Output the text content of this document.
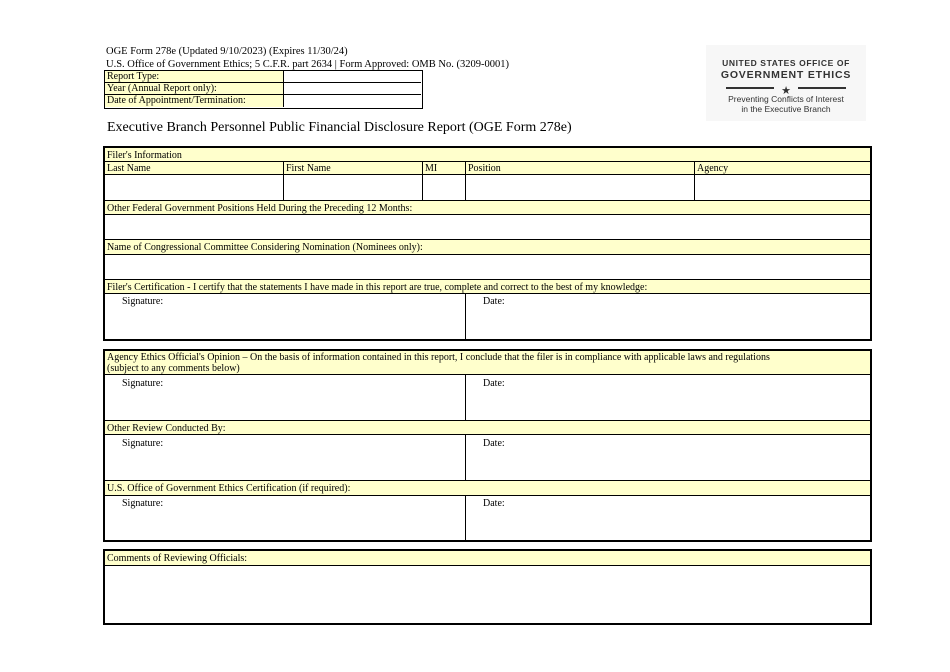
OGE Form 278e (Updated 9/10/2023) (Expires 11/30/24)
U.S. Office of Government Ethics; 5 C.F.R. part 2634 | Form Approved: OMB No. (3209-0001)
Report Type:
Year (Annual Report only):
Date of Appointment/Termination:
UNITED STATES OFFICE OF
GOVERNMENT ETHICS
★
Preventing Conflicts of Interest
in the Executive Branch
Executive Branch Personnel Public Financial Disclosure Report (OGE Form 278e)
Filer's Information
Last Name	First Name	MI	Position	Agency
Other Federal Government Positions Held During the Preceding 12 Months:
Name of Congressional Committee Considering Nomination (Nominees only):
Filer's Certification - I certify that the statements I have made in this report are true, complete and correct to the best of my knowledge:
Signature:	Date:
Agency Ethics Official's Opinion – On the basis of information contained in this report, I conclude that the filer is in compliance with applicable laws and regulations
(subject to any comments below)
Signature:	Date:
Other Review Conducted By:
Signature:	Date:
U.S. Office of Government Ethics Certification (if required):
Signature:	Date:
Comments of Reviewing Officials:
